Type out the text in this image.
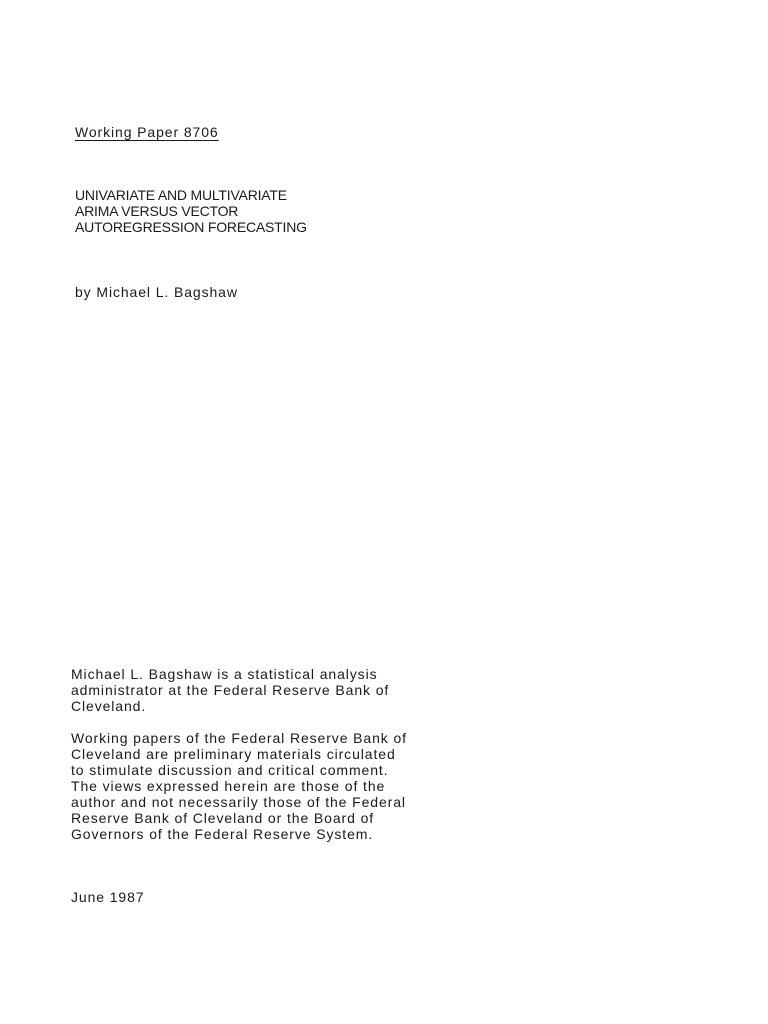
Working Paper 8706
UNIVARIATE AND MULTIVARIATE
ARIMA VERSUS VECTOR
AUTOREGRESSION FORECASTING
by Michael L. Bagshaw
Michael L. Bagshaw is a statistical analysis
administrator at the Federal Reserve Bank of
Cleveland.
Working papers of the Federal Reserve Bank of
Cleveland are preliminary materials circulated
to stimulate discussion and critical comment.
The views expressed herein are those of the
author and not necessarily those of the Federal
Reserve Bank of Cleveland or the Board of
Governors of the Federal Reserve System.
June 1987
